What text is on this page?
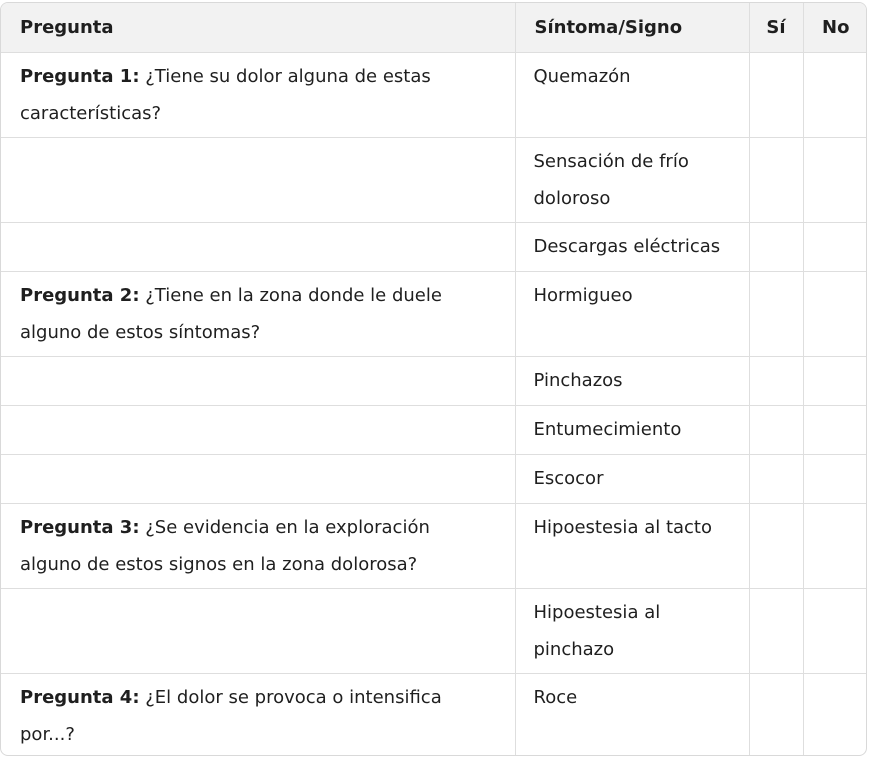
Pregunta	Síntoma/Signo	Sí	No
Pregunta 1: ¿Tiene su dolor alguna de estas características?	Quemazón		
	Sensación de frío doloroso		
	Descargas eléctricas		
Pregunta 2: ¿Tiene en la zona donde le duele alguno de estos síntomas?	Hormigueo		
	Pinchazos		
	Entumecimiento		
	Escocor		
Pregunta 3: ¿Se evidencia en la exploración alguno de estos signos en la zona dolorosa?	Hipoestesia al tacto		
	Hipoestesia al pinchazo		
Pregunta 4: ¿El dolor se provoca o intensifica por...?	Roce		
